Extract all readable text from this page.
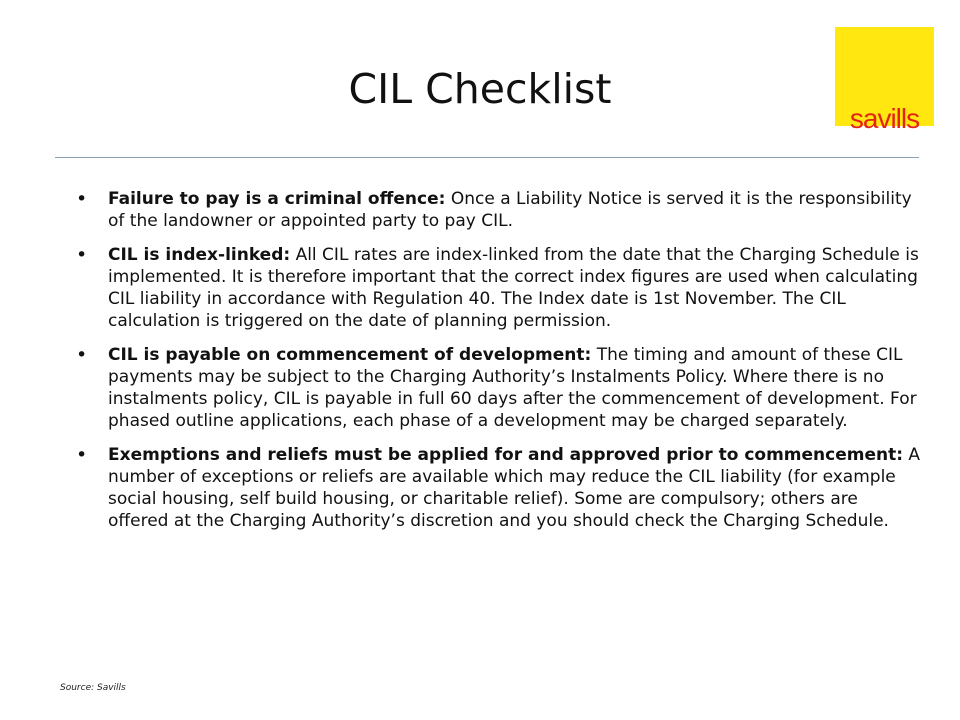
CIL Checklist
savills
• Failure to pay is a criminal offence: Once a Liability Notice is served it is the responsibility of the landowner or appointed party to pay CIL.
• CIL is index-linked: All CIL rates are index-linked from the date that the Charging Schedule is implemented. It is therefore important that the correct index figures are used when calculating CIL liability in accordance with Regulation 40. The Index date is 1st November. The CIL calculation is triggered on the date of planning permission.
• CIL is payable on commencement of development: The timing and amount of these CIL payments may be subject to the Charging Authority’s Instalments Policy. Where there is no instalments policy, CIL is payable in full 60 days after the commencement of development. For phased outline applications, each phase of a development may be charged separately.
• Exemptions and reliefs must be applied for and approved prior to commencement: A number of exceptions or reliefs are available which may reduce the CIL liability (for example social housing, self build housing, or charitable relief). Some are compulsory; others are offered at the Charging Authority’s discretion and you should check the Charging Schedule.
Source: Savills
